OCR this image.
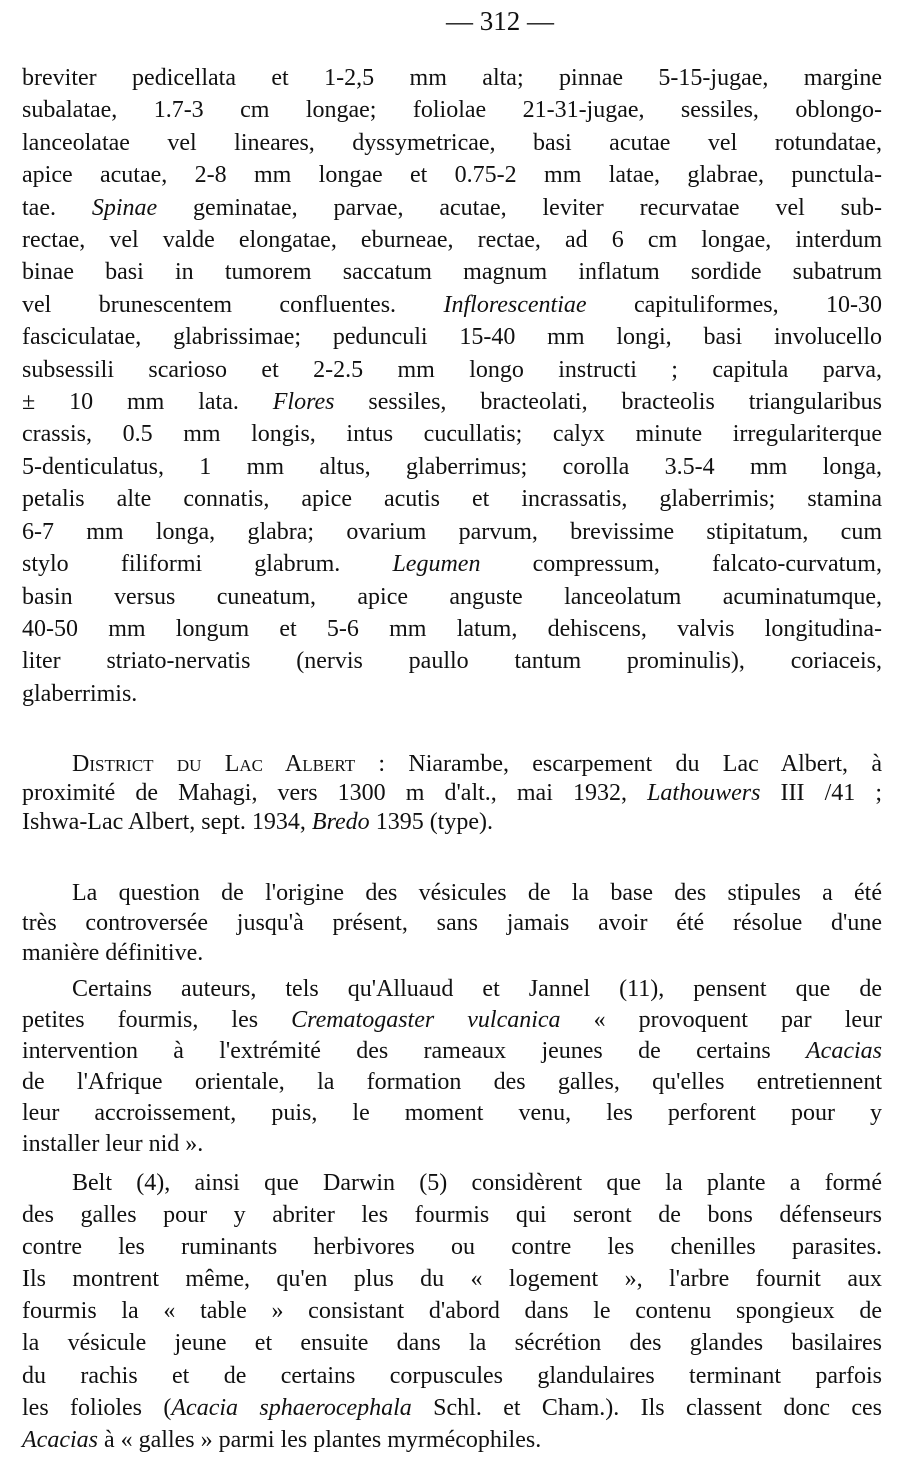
— 312 —
breviter pedicellata et 1-2,5 mm alta; pinnae 5-15-jugae, margine
subalatae, 1.7-3 cm longae; foliolae 21-31-jugae, sessiles, oblongo-
lanceolatae vel lineares, dyssymetricae, basi acutae vel rotundatae,
apice acutae, 2-8 mm longae et 0.75-2 mm latae, glabrae, punctula-
tae. Spinae geminatae, parvae, acutae, leviter recurvatae vel sub-
rectae, vel valde elongatae, eburneae, rectae, ad 6 cm longae, interdum
binae basi in tumorem saccatum magnum inflatum sordide subatrum
vel brunescentem confluentes. Inflorescentiae capituliformes, 10-30
fasciculatae, glabrissimae; pedunculi 15-40 mm longi, basi involucello
subsessili scarioso et 2-2.5 mm longo instructi ; capitula parva,
± 10 mm lata. Flores sessiles, bracteolati, bracteolis triangularibus
crassis, 0.5 mm longis, intus cucullatis; calyx minute irregulariterque
5-denticulatus, 1 mm altus, glaberrimus; corolla 3.5-4 mm longa,
petalis alte connatis, apice acutis et incrassatis, glaberrimis; stamina
6-7 mm longa, glabra; ovarium parvum, brevissime stipitatum, cum
stylo filiformi glabrum. Legumen compressum, falcato-curvatum,
basin versus cuneatum, apice anguste lanceolatum acuminatumque,
40-50 mm longum et 5-6 mm latum, dehiscens, valvis longitudina-
liter striato-nervatis (nervis paullo tantum prominulis), coriaceis,
glaberrimis.
District du Lac Albert : Niarambe, escarpement du Lac Albert, à
proximité de Mahagi, vers 1300 m d'alt., mai 1932, Lathouwers III /41 ;
Ishwa-Lac Albert, sept. 1934, Bredo 1395 (type).
La question de l'origine des vésicules de la base des stipules a été
très controversée jusqu'à présent, sans jamais avoir été résolue d'une
manière définitive.
Certains auteurs, tels qu'Alluaud et Jannel (11), pensent que de
petites fourmis, les Crematogaster vulcanica « provoquent par leur
intervention à l'extrémité des rameaux jeunes de certains Acacias
de l'Afrique orientale, la formation des galles, qu'elles entretiennent
leur accroissement, puis, le moment venu, les perforent pour y
installer leur nid ».
Belt (4), ainsi que Darwin (5) considèrent que la plante a formé
des galles pour y abriter les fourmis qui seront de bons défenseurs
contre les ruminants herbivores ou contre les chenilles parasites.
Ils montrent même, qu'en plus du « logement », l'arbre fournit aux
fourmis la « table » consistant d'abord dans le contenu spongieux de
la vésicule jeune et ensuite dans la sécrétion des glandes basilaires
du rachis et de certains corpuscules glandulaires terminant parfois
les folioles (Acacia sphaerocephala Schl. et Cham.). Ils classent donc ces
Acacias à « galles » parmi les plantes myrmécophiles.
